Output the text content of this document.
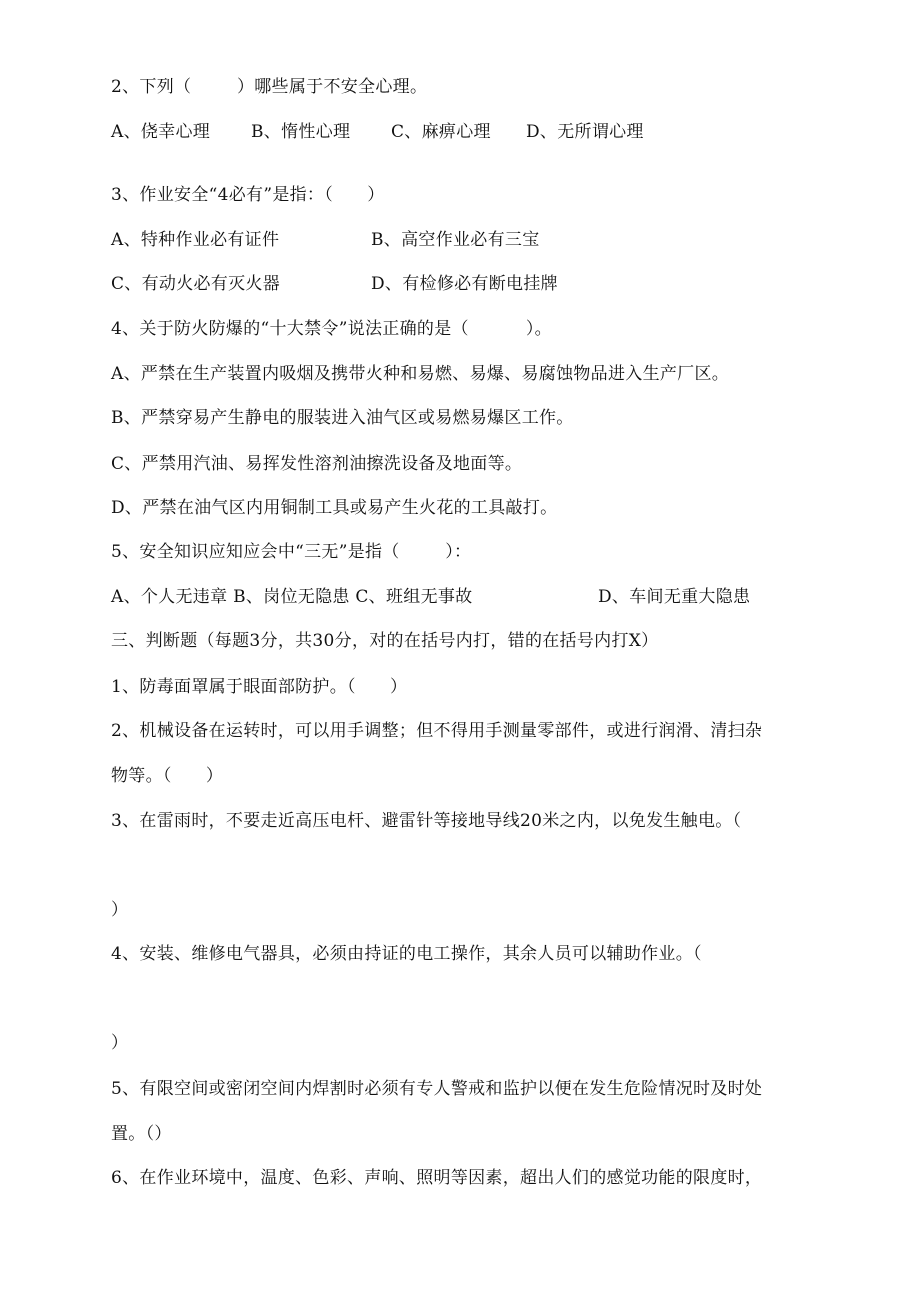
2、下列（        ）哪些属于不安全心理。
A、侥幸心理 B、惰性心理 C、麻痹心理 D、无所谓心理
3、作业安全“4必有”是指：（      ）
A、特种作业必有证件	B、高空作业必有三宝
C、有动火必有灭火器	D、有检修必有断电挂牌
4、关于防火防爆的“十大禁令”说法正确的是（          ）。
A、严禁在生产装置内吸烟及携带火种和易燃、易爆、易腐蚀物品进入生产厂区。
B、严禁穿易产生静电的服装进入油气区或易燃易爆区工作。
C、严禁用汽油、易挥发性溶剂油擦洗设备及地面等。
D、严禁在油气区内用铜制工具或易产生火花的工具敲打。
5、安全知识应知应会中“三无”是指（        ）：
A、个人无违章 B、岗位无隐患 C、班组无事故	D、车间无重大隐患
三、判断题（每题3分，共30分，对的在括号内打，错的在括号内打X）
1、防毒面罩属于眼面部防护。（      ）
2、机械设备在运转时，可以用手调整；但不得用手测量零部件，或进行润滑、清扫杂
物等。（      ）
3、在雷雨时，不要走近高压电杆、避雷针等接地导线20米之内，以免发生触电。（
）
4、安装、维修电气器具，必须由持证的电工操作，其余人员可以辅助作业。（
）
5、有限空间或密闭空间内焊割时必须有专人警戒和监护以便在发生危险情况时及时处
置。（）
6、在作业环境中，温度、色彩、声响、照明等因素，超出人们的感觉功能的限度时，
